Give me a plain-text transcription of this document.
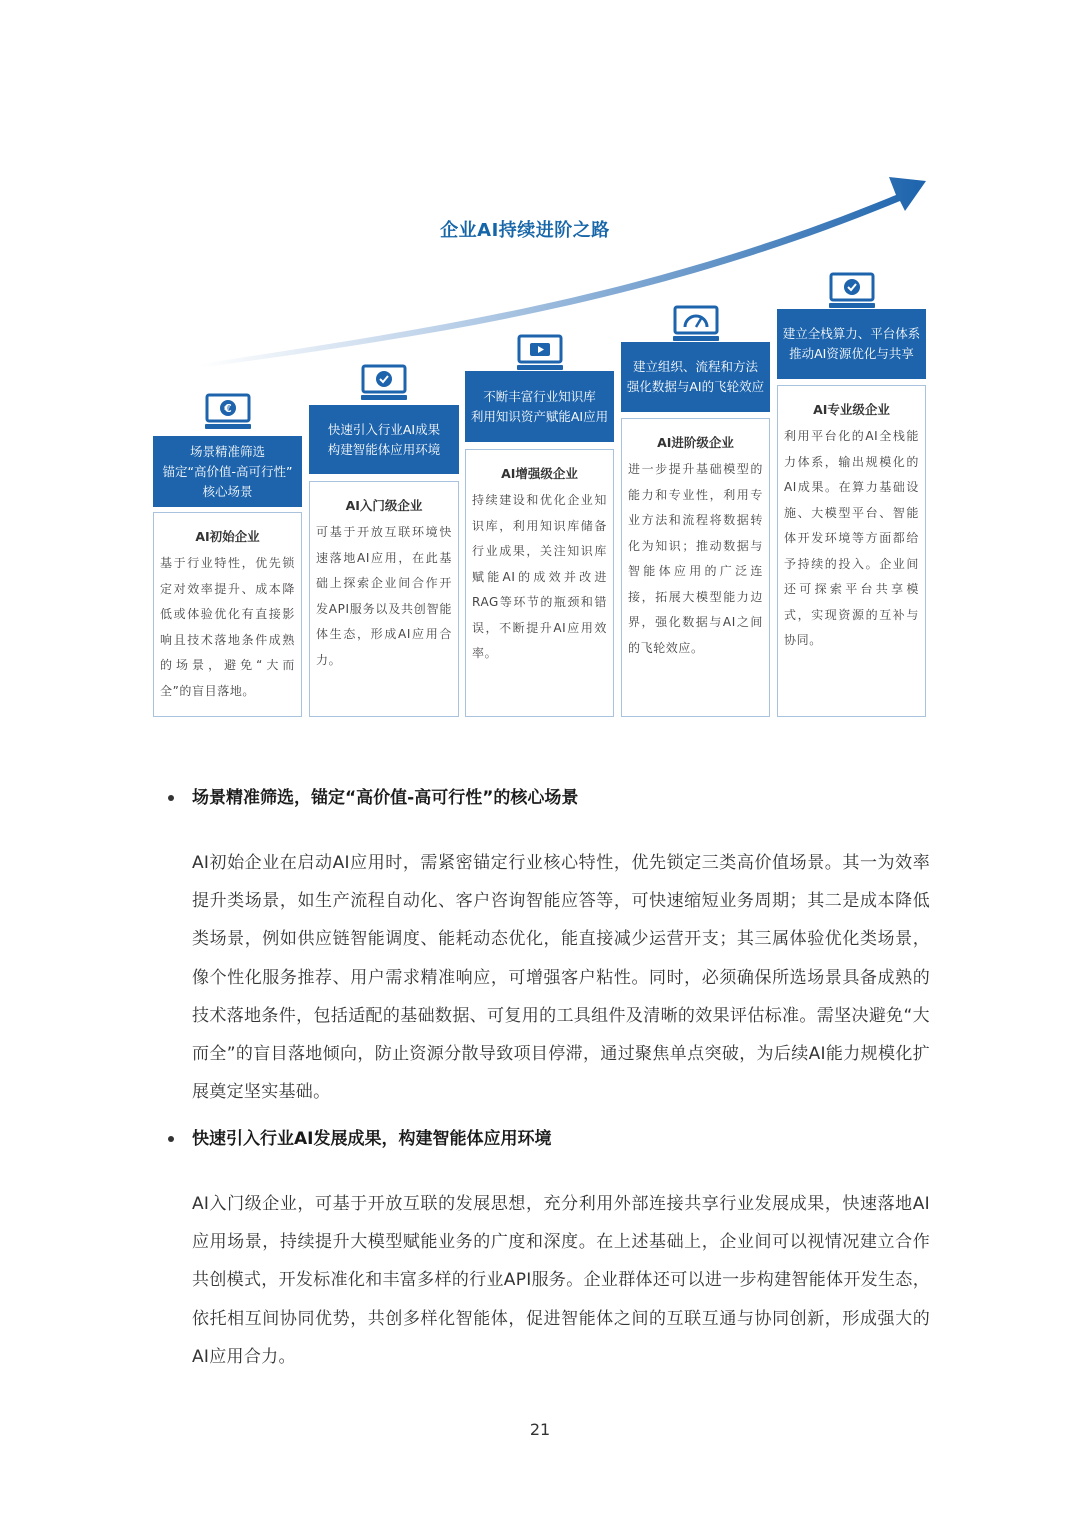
企业AI持续进阶之路
€
场景精准筛选
锚定“高价值-高可行性”
核心场景
AI初始企业

基于行业特性，优先锁定对效率提升、成本降低或体验优化有直接影响且技术落地条件成熟的场景，避免“大而全”的盲目落地。

快速引入行业AI成果
构建智能体应用环境
AI入门级企业

可基于开放互联环境快速落地AI应用，在此基础上探索企业间合作开发API服务以及共创智能体生态，形成AI应用合力。

不断丰富行业知识库
利用知识资产赋能AI应用
AI增强级企业

持续建设和优化企业知识库，利用知识库储备行业成果，关注知识库赋能AI的成效并改进RAG等环节的瓶颈和错误，不断提升AI应用效率。

建立组织、流程和方法
强化数据与AI的飞轮效应
AI进阶级企业

进一步提升基础模型的能力和专业性，利用专业方法和流程将数据转化为知识；推动数据与智能体应用的广泛连接，拓展大模型能力边界，强化数据与AI之间的飞轮效应。

建立全栈算力、平台体系
推动AI资源优化与共享
AI专业级企业

利用平台化的AI全栈能力体系，输出规模化的AI成果。在算力基础设施、大模型平台、智能体开发环境等方面都给予持续的投入。企业间还可探索平台共享模式，实现资源的互补与协同。

场景精准筛选，锚定“高价值-高可行性”的核心场景

AI初始企业在启动AI应用时，需紧密锚定行业核心特性，优先锁定三类高价值场景。其一为效率提升类场景，如生产流程自动化、客户咨询智能应答等，可快速缩短业务周期；其二是成本降低类场景，例如供应链智能调度、能耗动态优化，能直接减少运营开支；其三属体验优化类场景，像个性化服务推荐、用户需求精准响应，可增强客户粘性。同时，必须确保所选场景具备成熟的技术落地条件，包括适配的基础数据、可复用的工具组件及清晰的效果评估标准。需坚决避免“大而全”的盲目落地倾向，防止资源分散导致项目停滞，通过聚焦单点突破，为后续AI能力规模化扩展奠定坚实基础。

快速引入行业AI发展成果，构建智能体应用环境

AI入门级企业，可基于开放互联的发展思想，充分利用外部连接共享行业发展成果，快速落地AI应用场景，持续提升大模型赋能业务的广度和深度。在上述基础上，企业间可以视情况建立合作共创模式，开发标准化和丰富多样的行业API服务。企业群体还可以进一步构建智能体开发生态，依托相互间协同优势，共创多样化智能体，促进智能体之间的互联互通与协同创新，形成强大的AI应用合力。

21
